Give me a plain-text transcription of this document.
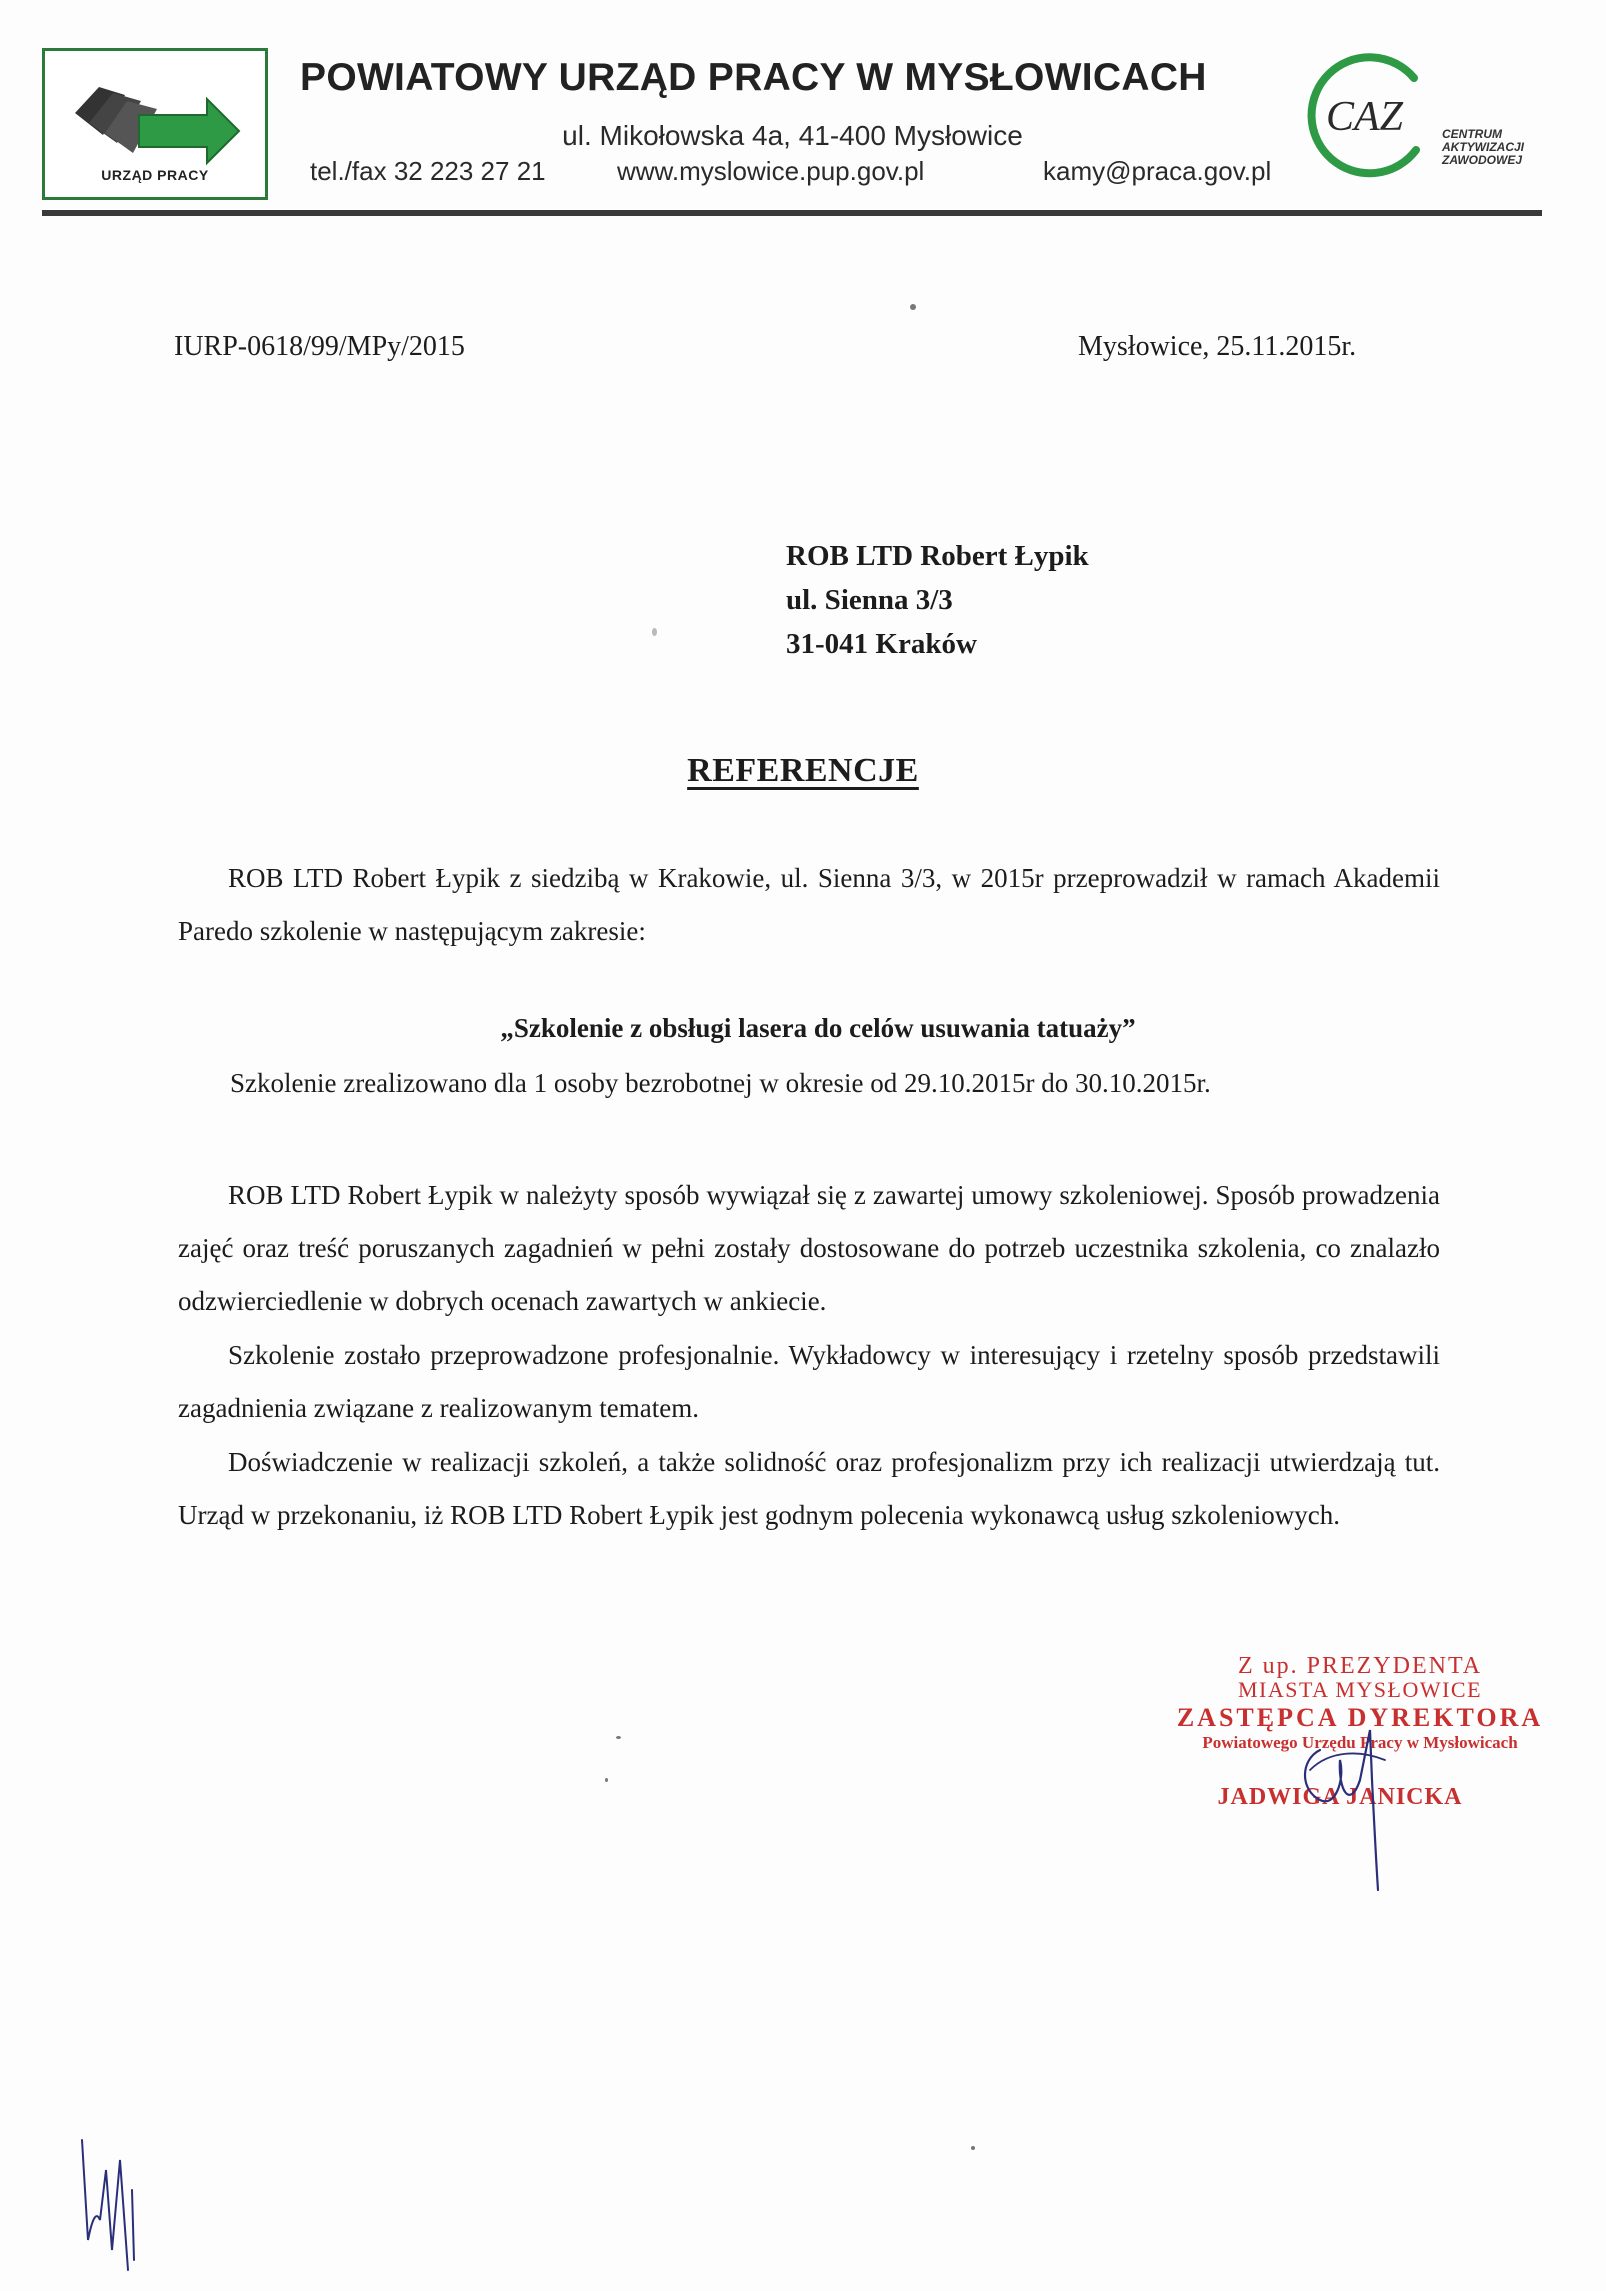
URZĄD PRACY
POWIATOWY URZĄD PRACY W MYSŁOWICACH
ul. Mikołowska 4a, 41-400 Mysłowice
tel./fax 32 223 27 21	www.myslowice.pup.gov.pl	kamy@praca.gov.pl
CAZ	CENTRUM
AKTYWIZACJI
ZAWODOWEJ
IURP-0618/99/MPy/2015	Mysłowice, 25.11.2015r.
ROB LTD Robert Łypik
ul. Sienna 3/3
31-041 Kraków
REFERENCJE
ROB LTD Robert Łypik z siedzibą w Krakowie, ul. Sienna 3/3, w 2015r przeprowadził w ramach Akademii Paredo szkolenie w następującym zakresie:
„Szkolenie z obsługi lasera do celów usuwania tatuaży”
Szkolenie zrealizowano dla 1 osoby bezrobotnej w okresie od 29.10.2015r do 30.10.2015r.
ROB LTD Robert Łypik w należyty sposób wywiązał się z zawartej umowy szkoleniowej. Sposób prowadzenia zajęć oraz treść poruszanych zagadnień w pełni zostały dostosowane do potrzeb uczestnika szkolenia, co znalazło odzwierciedlenie w dobrych ocenach zawartych w ankiecie.
Szkolenie zostało przeprowadzone profesjonalnie. Wykładowcy w interesujący i rzetelny sposób przedstawili zagadnienia związane z realizowanym tematem.
Doświadczenie w realizacji szkoleń, a także solidność oraz profesjonalizm przy ich realizacji utwierdzają tut. Urząd w przekonaniu, iż ROB LTD Robert Łypik jest godnym polecenia wykonawcą usług szkoleniowych.
Z up. PREZYDENTA
MIASTA MYSŁOWICE
ZASTĘPCA DYREKTORA
Powiatowego Urzędu Pracy w Mysłowicach
JADWIGA JANICKA
